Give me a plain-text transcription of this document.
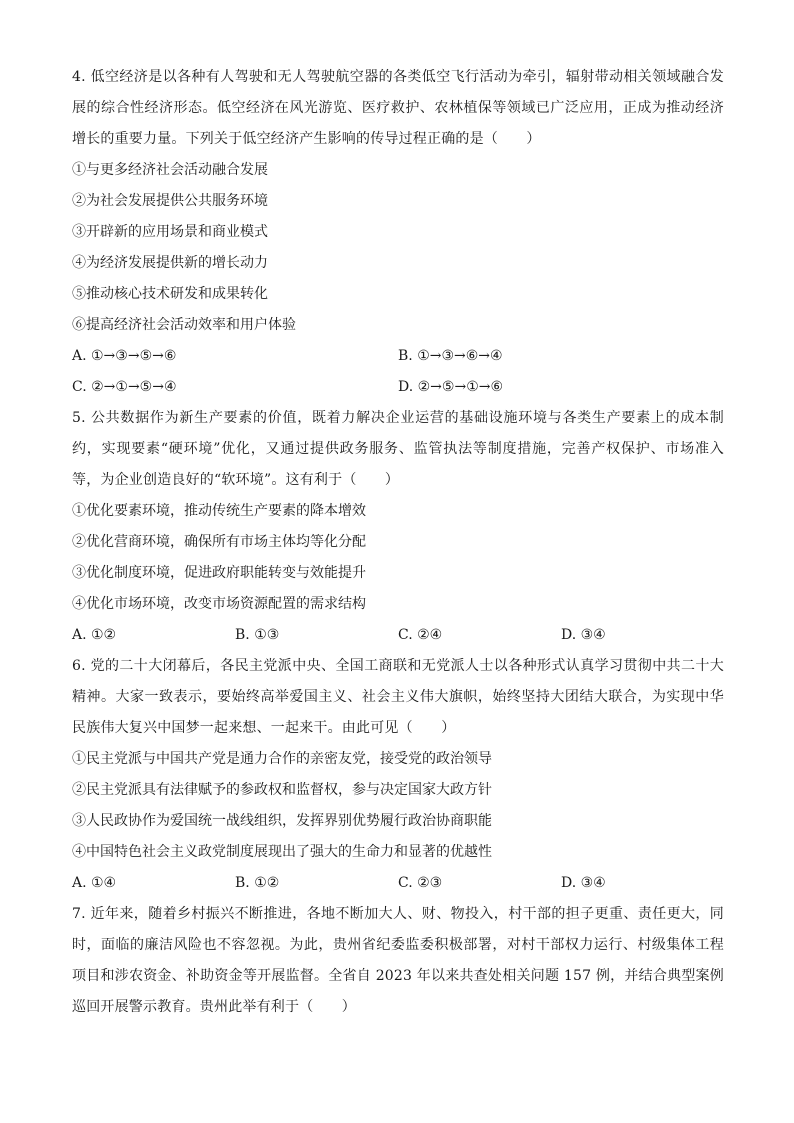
4. 低空经济是以各种有人驾驶和无人驾驶航空器的各类低空飞行活动为牵引，辐射带动相关领域融合发展的综合性经济形态。低空经济在风光游览、医疗救护、农林植保等领域已广泛应用，正成为推动经济增长的重要力量。下列关于低空经济产生影响的传导过程正确的是（　　）

①与更多经济社会活动融合发展

②为社会发展提供公共服务环境

③开辟新的应用场景和商业模式

④为经济发展提供新的增长动力

⑤推动核心技术研发和成果转化

⑥提高经济社会活动效率和用户体验

A. ①→③→⑤→⑥	B. ①→③→⑥→④
C. ②→①→⑤→④	D. ②→⑤→①→⑥

5. 公共数据作为新生产要素的价值，既着力解决企业运营的基础设施环境与各类生产要素上的成本制约，实现要素“硬环境”优化，又通过提供政务服务、监管执法等制度措施，完善产权保护、市场准入等，为企业创造良好的“软环境”。这有利于（　　）

①优化要素环境，推动传统生产要素的降本增效

②优化营商环境，确保所有市场主体均等化分配

③优化制度环境，促进政府职能转变与效能提升

④优化市场环境，改变市场资源配置的需求结构

A. ①②	B. ①③	C. ②④	D. ③④

6. 党的二十大闭幕后，各民主党派中央、全国工商联和无党派人士以各种形式认真学习贯彻中共二十大精神。大家一致表示，要始终高举爱国主义、社会主义伟大旗帜，始终坚持大团结大联合，为实现中华民族伟大复兴中国梦一起来想、一起来干。由此可见（　　）

①民主党派与中国共产党是通力合作的亲密友党，接受党的政治领导

②民主党派具有法律赋予的参政权和监督权，参与决定国家大政方针

③人民政协作为爱国统一战线组织，发挥界别优势履行政治协商职能

④中国特色社会主义政党制度展现出了强大的生命力和显著的优越性

A. ①④	B. ①②	C. ②③	D. ③④

7. 近年来，随着乡村振兴不断推进，各地不断加大人、财、物投入，村干部的担子更重、责任更大，同时，面临的廉洁风险也不容忽视。为此，贵州省纪委监委积极部署，对村干部权力运行、村级集体工程项目和涉农资金、补助资金等开展监督。全省自 2023 年以来共查处相关问题 157 例，并结合典型案例巡回开展警示教育。贵州此举有利于（　　）
